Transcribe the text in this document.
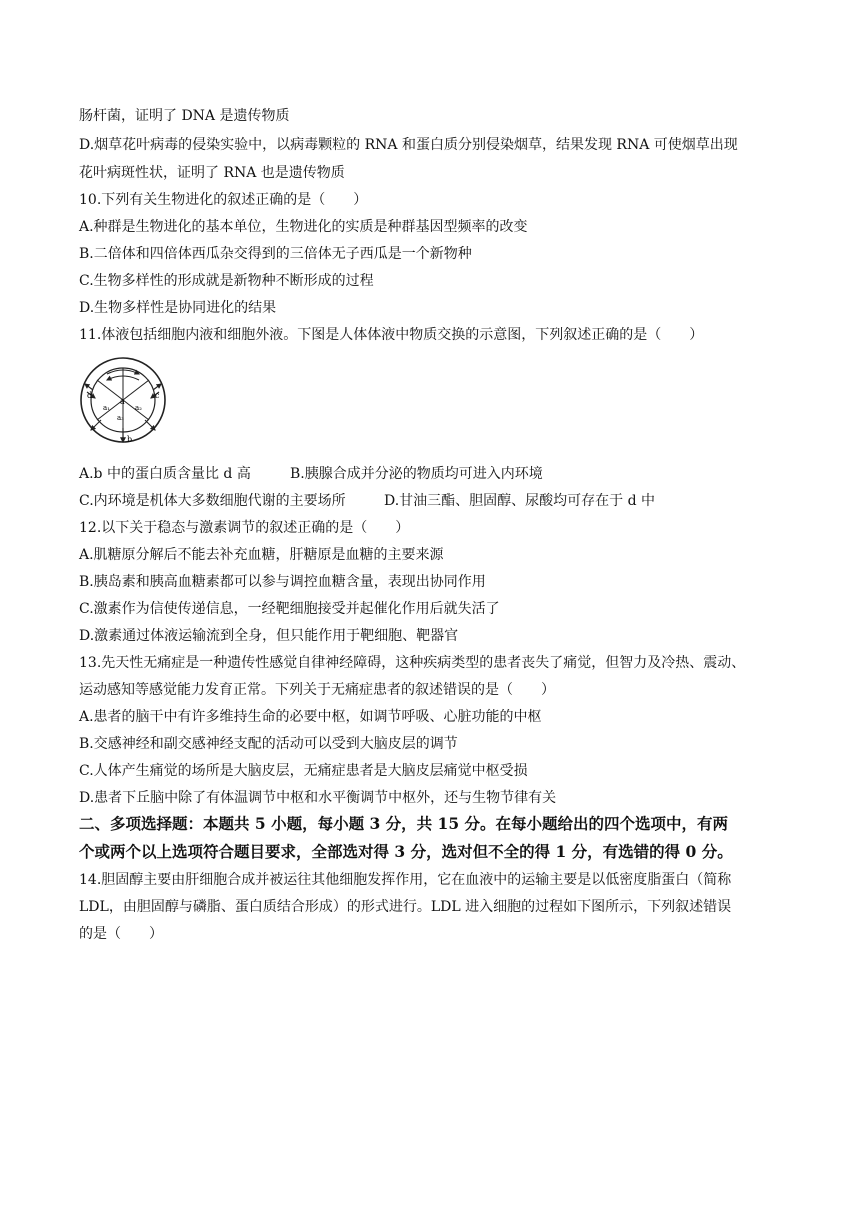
肠杆菌，证明了 DNA 是遗传物质
D.烟草花叶病毒的侵染实验中，以病毒颗粒的 RNA 和蛋白质分别侵染烟草，结果发现 RNA 可使烟草出现
花叶病斑性状，证明了 RNA 也是遗传物质
10.下列有关生物进化的叙述正确的是（　　）
A.种群是生物进化的基本单位，生物进化的实质是种群基因型频率的改变
B.二倍体和四倍体西瓜杂交得到的三倍体无子西瓜是一个新物种
C.生物多样性的形成就是新物种不断形成的过程
D.生物多样性是协同进化的结果
11.体液包括细胞内液和细胞外液。下图是人体体液中物质交换的示意图，下列叙述正确的是（　　）
a
a₁	a₂
a₃
b
c
d
A.b 中的蛋白质含量比 d 高	B.胰腺合成并分泌的物质均可进入内环境
C.内环境是机体大多数细胞代谢的主要场所	D.甘油三酯、胆固醇、尿酸均可存在于 d 中
12.以下关于稳态与激素调节的叙述正确的是（　　）
A.肌糖原分解后不能去补充血糖，肝糖原是血糖的主要来源
B.胰岛素和胰高血糖素都可以参与调控血糖含量，表现出协同作用
C.激素作为信使传递信息，一经靶细胞接受并起催化作用后就失活了
D.激素通过体液运输流到全身，但只能作用于靶细胞、靶器官
13.先天性无痛症是一种遗传性感觉自律神经障碍，这种疾病类型的患者丧失了痛觉，但智力及冷热、震动、
运动感知等感觉能力发育正常。下列关于无痛症患者的叙述错误的是（　　）
A.患者的脑干中有许多维持生命的必要中枢，如调节呼吸、心脏功能的中枢
B.交感神经和副交感神经支配的活动可以受到大脑皮层的调节
C.人体产生痛觉的场所是大脑皮层，无痛症患者是大脑皮层痛觉中枢受损
D.患者下丘脑中除了有体温调节中枢和水平衡调节中枢外，还与生物节律有关
二、多项选择题：本题共 5 小题，每小题 3 分，共 15 分。在每小题给出的四个选项中，有两
个或两个以上选项符合题目要求，全部选对得 3 分，选对但不全的得 1 分，有选错的得 0 分。
14.胆固醇主要由肝细胞合成并被运往其他细胞发挥作用，它在血液中的运输主要是以低密度脂蛋白（简称
LDL，由胆固醇与磷脂、蛋白质结合形成）的形式进行。LDL 进入细胞的过程如下图所示，下列叙述错误
的是（　　）
